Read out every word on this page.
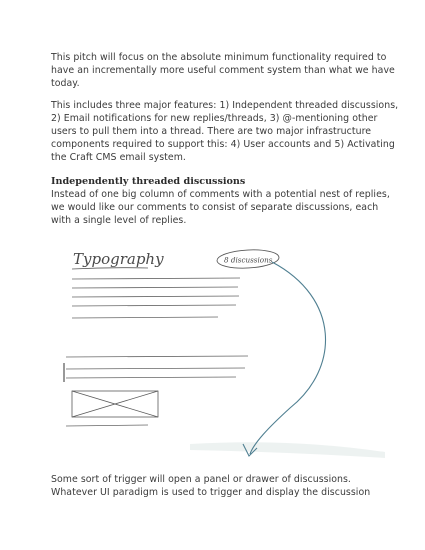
This pitch will focus on the absolute minimum functionality required to
have an incrementally more useful comment system than what we have
today.
This includes three major features: 1) Independent threaded discussions,
2) Email notifications for new replies/threads, 3) @-mentioning other
users to pull them into a thread. There are two major infrastructure
components required to support this: 4) User accounts and 5) Activating
the Craft CMS email system.
Independently threaded discussions
Instead of one big column of comments with a potential nest of replies,
we would like our comments to consist of separate discussions, each
with a single level of replies.
Typography	8 discussions
Some sort of trigger will open a panel or drawer of discussions.
Whatever UI paradigm is used to trigger and display the discussion
